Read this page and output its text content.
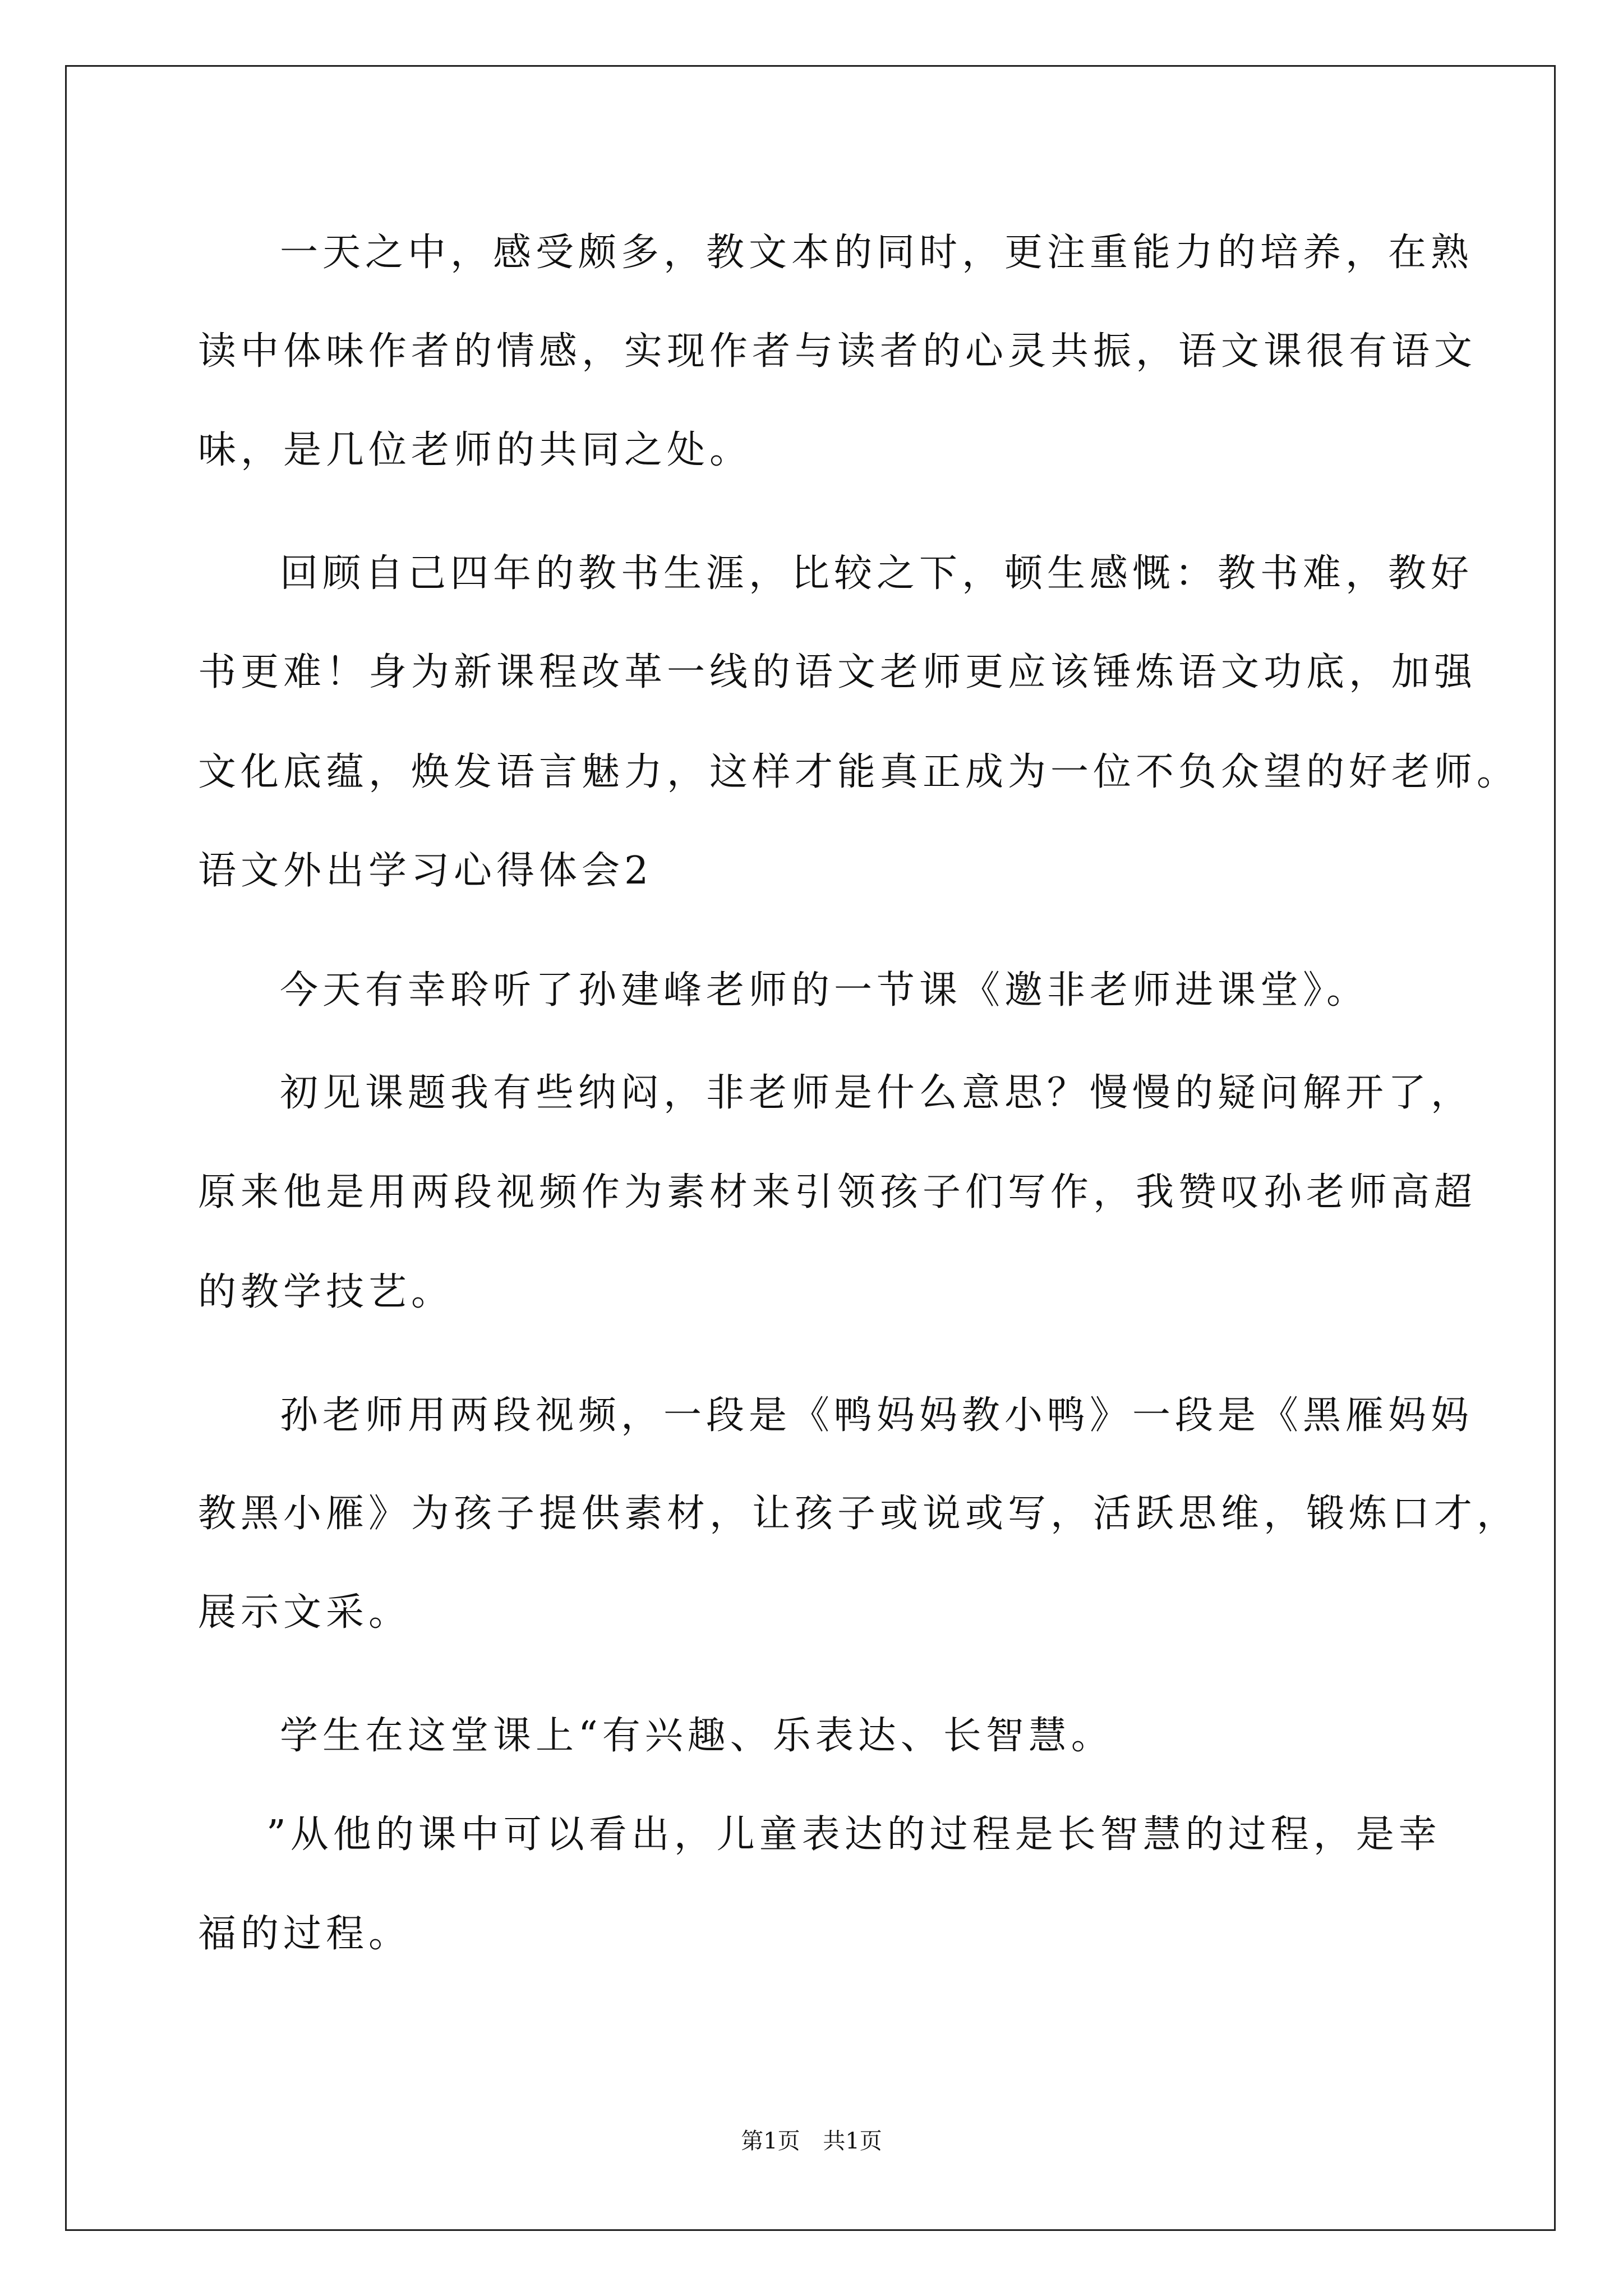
一天之中，感受颇多，教文本的同时，更注重能力的培养，在熟
读中体味作者的情感，实现作者与读者的心灵共振，语文课很有语文
味，是几位老师的共同之处。
回顾自己四年的教书生涯，比较之下，顿生感慨：教书难，教好
书更难！身为新课程改革一线的语文老师更应该锤炼语文功底，加强
文化底蕴，焕发语言魅力，这样才能真正成为一位不负众望的好老师。
语文外出学习心得体会2
今天有幸聆听了孙建峰老师的一节课《邀非老师进课堂》。
初见课题我有些纳闷，非老师是什么意思？慢慢的疑问解开了，
原来他是用两段视频作为素材来引领孩子们写作，我赞叹孙老师高超
的教学技艺。
孙老师用两段视频，一段是《鸭妈妈教小鸭》一段是《黑雁妈妈
教黑小雁》为孩子提供素材，让孩子或说或写，活跃思维，锻炼口才，
展示文采。
学生在这堂课上“有兴趣、乐表达、长智慧。
”从他的课中可以看出，儿童表达的过程是长智慧的过程，是幸
福的过程。
第1页 共1页
